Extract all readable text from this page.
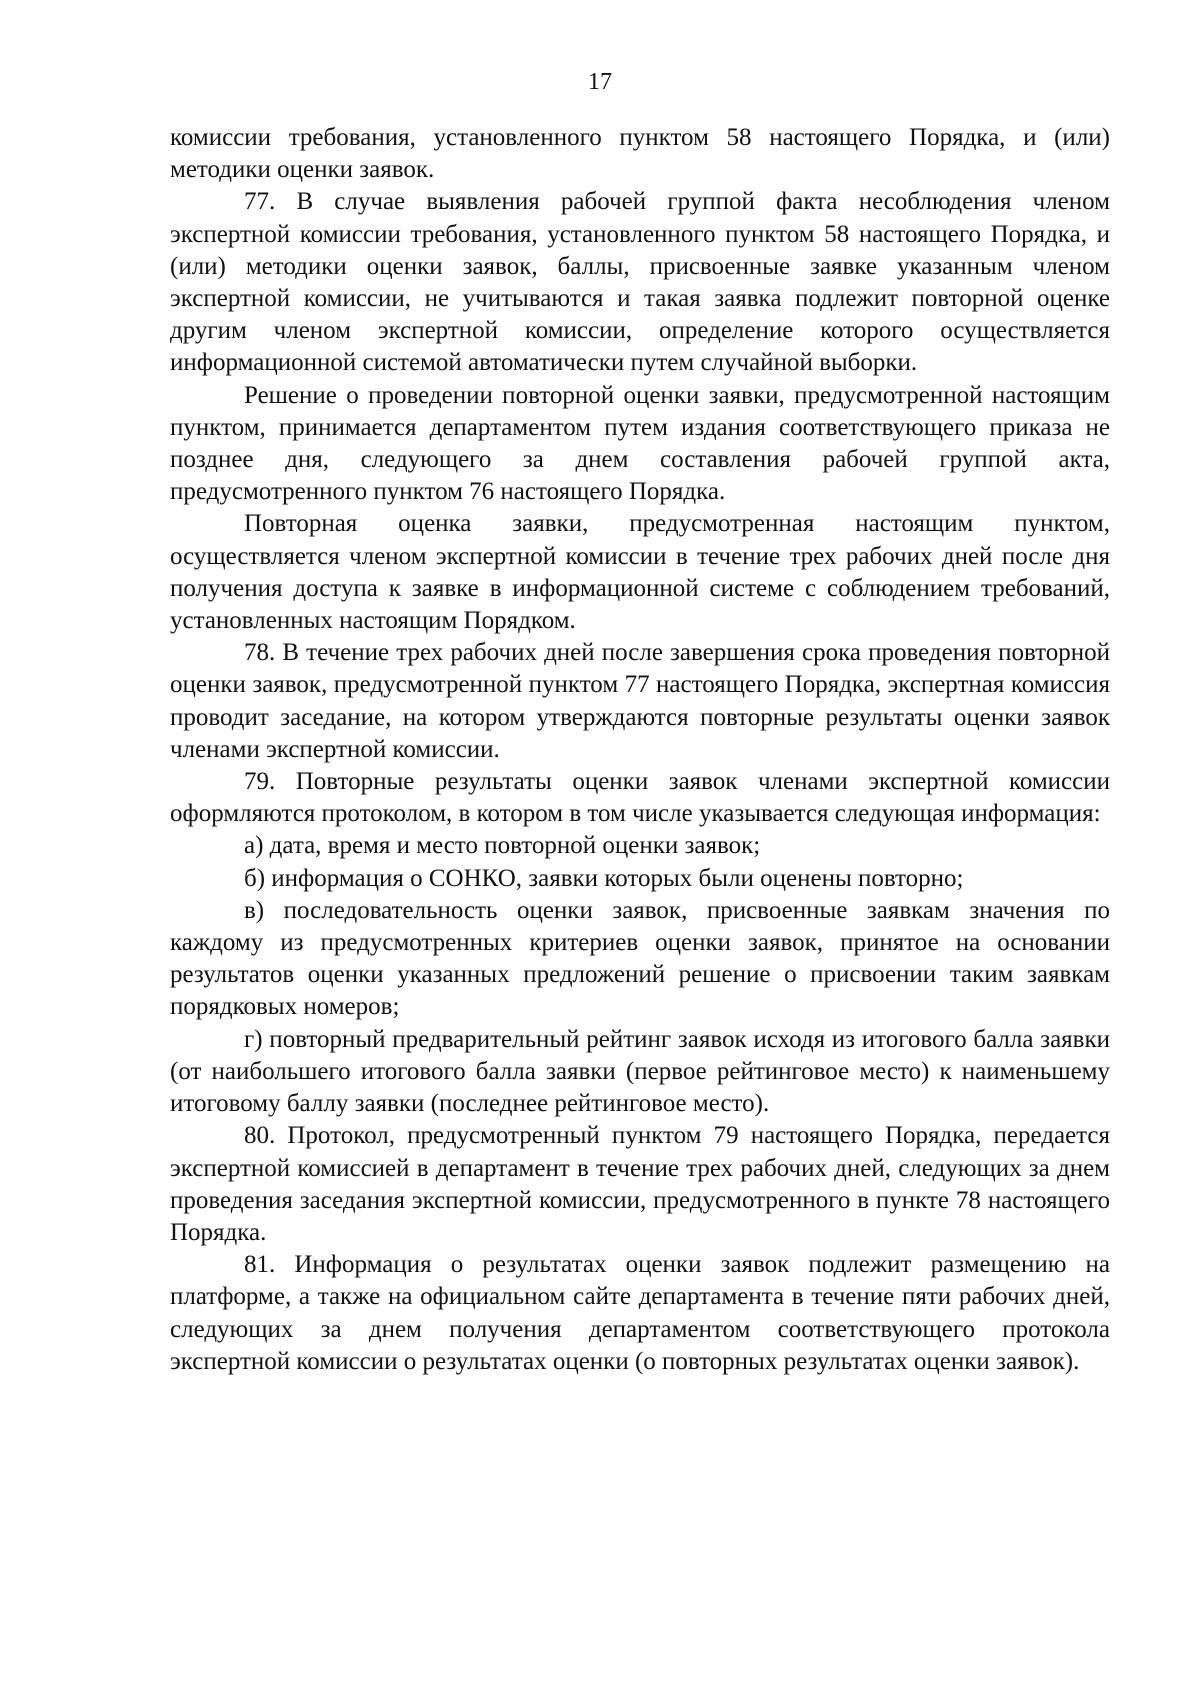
17

комиссии требования, установленного пунктом 58 настоящего Порядка, и (или) методики оценки заявок.

77. В случае выявления рабочей группой факта несоблюдения членом экспертной комиссии требования, установленного пунктом 58 настоящего Порядка, и (или) методики оценки заявок, баллы, присвоенные заявке указанным членом экспертной комиссии, не учитываются и такая заявка подлежит повторной оценке другим членом экспертной комиссии, определение которого осуществляется информационной системой автоматически путем случайной выборки.

Решение о проведении повторной оценки заявки, предусмотренной настоящим пунктом, принимается департаментом путем издания соответствующего приказа не позднее дня, следующего за днем составления рабочей группой акта, предусмотренного пунктом 76 настоящего Порядка.

Повторная оценка заявки, предусмотренная настоящим пунктом, осуществляется членом экспертной комиссии в течение трех рабочих дней после дня получения доступа к заявке в информационной системе с соблюдением требований, установленных настоящим Порядком.

78. В течение трех рабочих дней после завершения срока проведения повторной оценки заявок, предусмотренной пунктом 77 настоящего Порядка, экспертная комиссия проводит заседание, на котором утверждаются повторные результаты оценки заявок членами экспертной комиссии.

79. Повторные результаты оценки заявок членами экспертной комиссии оформляются протоколом, в котором в том числе указывается следующая информация:

а) дата, время и место повторной оценки заявок;

б) информация о СОНКО, заявки которых были оценены повторно;

в) последовательность оценки заявок, присвоенные заявкам значения по каждому из предусмотренных критериев оценки заявок, принятое на основании результатов оценки указанных предложений решение о присвоении таким заявкам порядковых номеров;

г) повторный предварительный рейтинг заявок исходя из итогового балла заявки (от наибольшего итогового балла заявки (первое рейтинговое место) к наименьшему итоговому баллу заявки (последнее рейтинговое место).

80. Протокол, предусмотренный пунктом 79 настоящего Порядка, передается экспертной комиссией в департамент в течение трех рабочих дней, следующих за днем проведения заседания экспертной комиссии, предусмотренного в пункте 78 настоящего Порядка.

81. Информация о результатах оценки заявок подлежит размещению на платформе, а также на официальном сайте департамента в течение пяти рабочих дней, следующих за днем получения департаментом соответствующего протокола экспертной комиссии о результатах оценки (о повторных результатах оценки заявок).
